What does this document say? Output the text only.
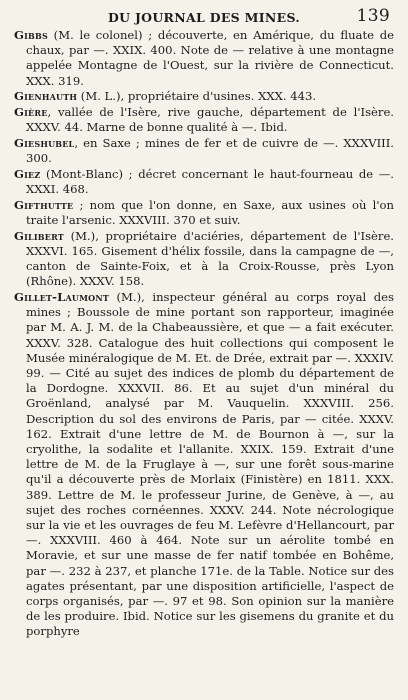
DU JOURNAL DES MINES.	139

Gibbs (M. le colonel) ; découverte, en Amérique, du fluate de chaux, par —. XXIX. 400. Note de — relative à une montagne appelée Montagne de l'Ouest, sur la rivière de Connecticut. XXX. 319.

Gienhauth (M. L.), propriétaire d'usines. XXX. 443.

Gière, vallée de l'Isère, rive gauche, département de l'Isère. XXXV. 44. Marne de bonne qualité à —. Ibid.

Gieshubel, en Saxe ; mines de fer et de cuivre de —. XXXVIII. 300.

Giez (Mont-Blanc) ; décret concernant le haut-fourneau de —. XXXI. 468.

Gifthutte ; nom que l'on donne, en Saxe, aux usines où l'on traite l'arsenic. XXXVIII. 370 et suiv.

Gilibert (M.), propriétaire d'aciéries, département de l'Isère. XXXVI. 165. Gisement d'hélix fossile, dans la campagne de —, canton de Sainte-Foix, et à la Croix-Rousse, près Lyon (Rhône). XXXV. 158.

Gillet-Laumont (M.), inspecteur général au corps royal des mines ; Boussole de mine portant son rapporteur, imaginée par M. A. J. M. de la Chabeaussière, et que — a fait exécuter. XXXV. 328. Catalogue des huit collections qui composent le Musée minéralogique de M. Et. de Drée, extrait par —. XXXIV. 99. — Cité au sujet des indices de plomb du département de la Dordogne. XXXVII. 86. Et au sujet d'un minéral du Groënland, analysé par M. Vauquelin. XXXVIII. 256. Description du sol des environs de Paris, par — citée. XXXV. 162. Extrait d'une lettre de M. de Bournon à —, sur la cryolithe, la sodalite et l'allanite. XXIX. 159. Extrait d'une lettre de M. de la Fruglaye à —, sur une forêt sous-marine qu'il a découverte près de Morlaix (Finistère) en 1811. XXX. 389. Lettre de M. le professeur Jurine, de Genève, à —, au sujet des roches cornéennes. XXXV. 244. Note nécrologique sur la vie et les ouvrages de feu M. Lefèvre d'Hellancourt, par —. XXXVIII. 460 à 464. Note sur un aérolite tombé en Moravie, et sur une masse de fer natif tombée en Bohême, par —. 232 à 237, et planche 171e. de la Table. Notice sur des agates présentant, par une disposition artificielle, l'aspect de corps organisés, par —. 97 et 98. Son opinion sur la manière de les produire. Ibid. Notice sur les gisemens du granite et du porphyre
